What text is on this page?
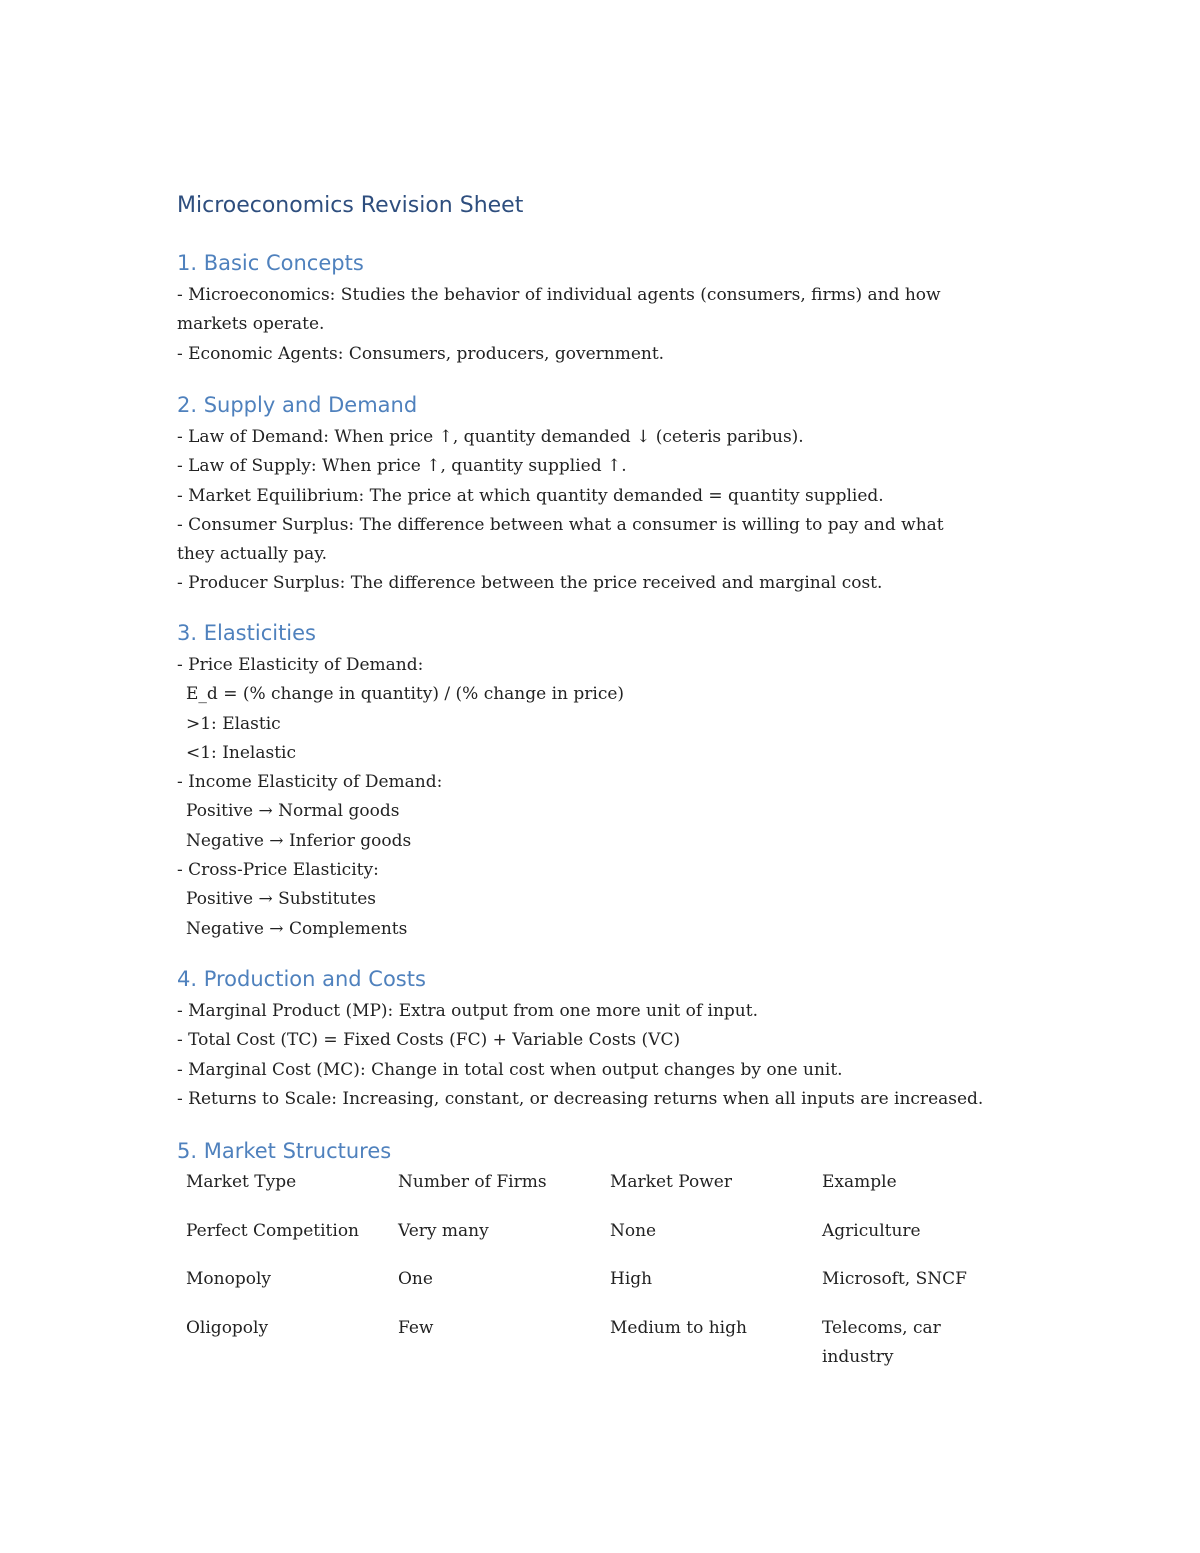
Microeconomics Revision Sheet
1. Basic Concepts
- Microeconomics: Studies the behavior of individual agents (consumers, firms) and how
markets operate.
- Economic Agents: Consumers, producers, government.
2. Supply and Demand
- Law of Demand: When price ↑, quantity demanded ↓ (ceteris paribus).
- Law of Supply: When price ↑, quantity supplied ↑.
- Market Equilibrium: The price at which quantity demanded = quantity supplied.
- Consumer Surplus: The difference between what a consumer is willing to pay and what
they actually pay.
- Producer Surplus: The difference between the price received and marginal cost.
3. Elasticities
- Price Elasticity of Demand:
E_d = (% change in quantity) / (% change in price)
>1: Elastic
<1: Inelastic
- Income Elasticity of Demand:
Positive → Normal goods
Negative → Inferior goods
- Cross-Price Elasticity:
Positive → Substitutes
Negative → Complements
4. Production and Costs
- Marginal Product (MP): Extra output from one more unit of input.
- Total Cost (TC) = Fixed Costs (FC) + Variable Costs (VC)
- Marginal Cost (MC): Change in total cost when output changes by one unit.
- Returns to Scale: Increasing, constant, or decreasing returns when all inputs are increased.
5. Market Structures
Market Type	Number of Firms	Market Power	Example
Perfect Competition	Very many	None	Agriculture
Monopoly	One	High	Microsoft, SNCF
Oligopoly	Few	Medium to high	Telecoms, car industry
